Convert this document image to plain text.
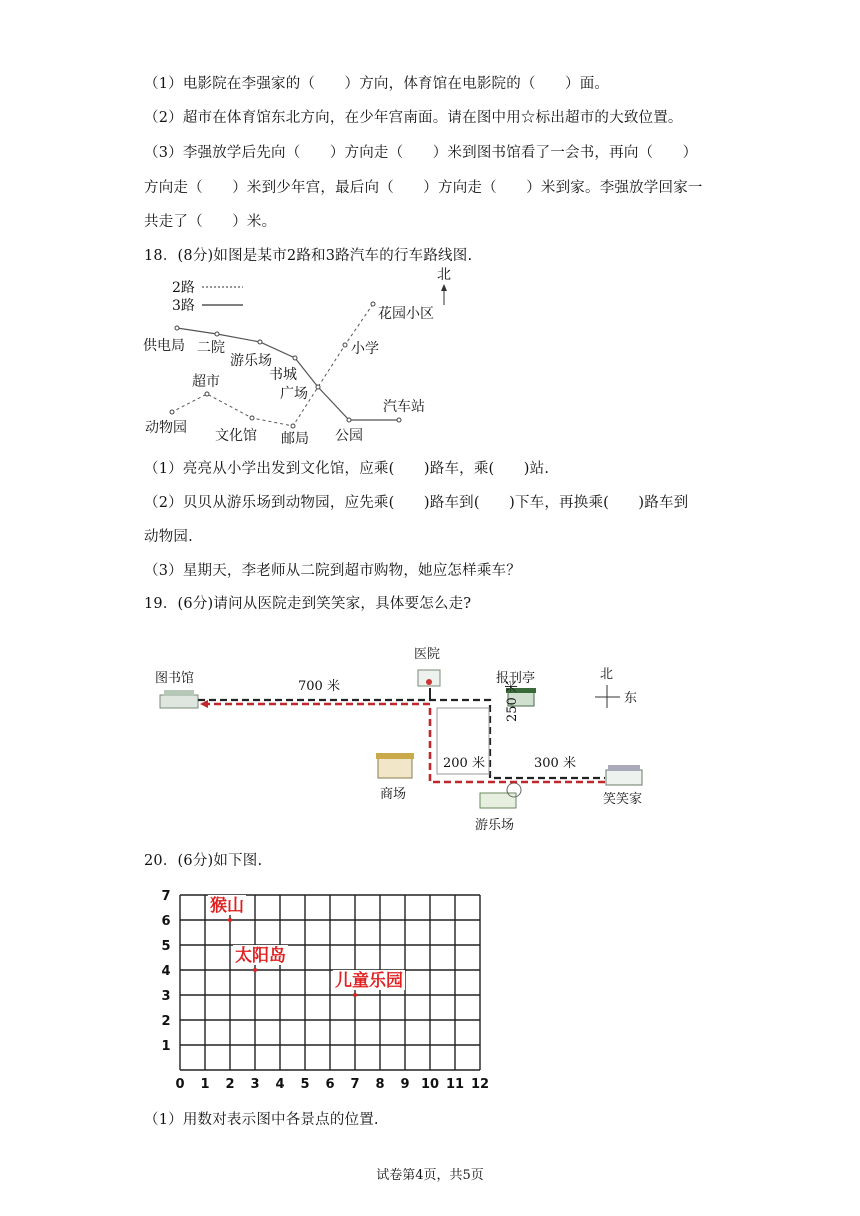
（1）电影院在李强家的（　　）方向，体育馆在电影院的（　　）面。
（2）超市在体育馆东北方向，在少年宫南面。请在图中用☆标出超市的大致位置。
（3）李强放学后先向（　　）方向走（　　）米到图书馆看了一会书，再向（　　）
方向走（　　）米到少年宫，最后向（　　）方向走（　　）米到家。李强放学回家一
共走了（　　）米。
18．(8分)如图是某市2路和3路汽车的行车路线图.
2路
3路
北
花园小区
小学
供电局 二院
游乐场
书城
广场
汽车站
超市
动物园 文化馆 邮局 公园
（1）亮亮从小学出发到文化馆，应乘(　　)路车，乘(　　)站.
（2）贝贝从游乐场到动物园，应先乘(　　)路车到(　　)下车，再换乘(　　)路车到
动物园.
（3）星期天，李老师从二院到超市购物，她应怎样乘车？
19．(6分)请问从医院走到笑笑家，具体要怎么走?
图书馆
医院
报刊亭
商场
游乐场
笑笑家
北
东
700 米
200 米	300 米
250 米
20．(6分)如下图.
0 1 2 3 4 5 6 7 8 9 10 11 12
1
2
3
4
5
6
7 猴山
太阳岛
儿童乐园
（1）用数对表示图中各景点的位置.
试卷第4页，共5页
